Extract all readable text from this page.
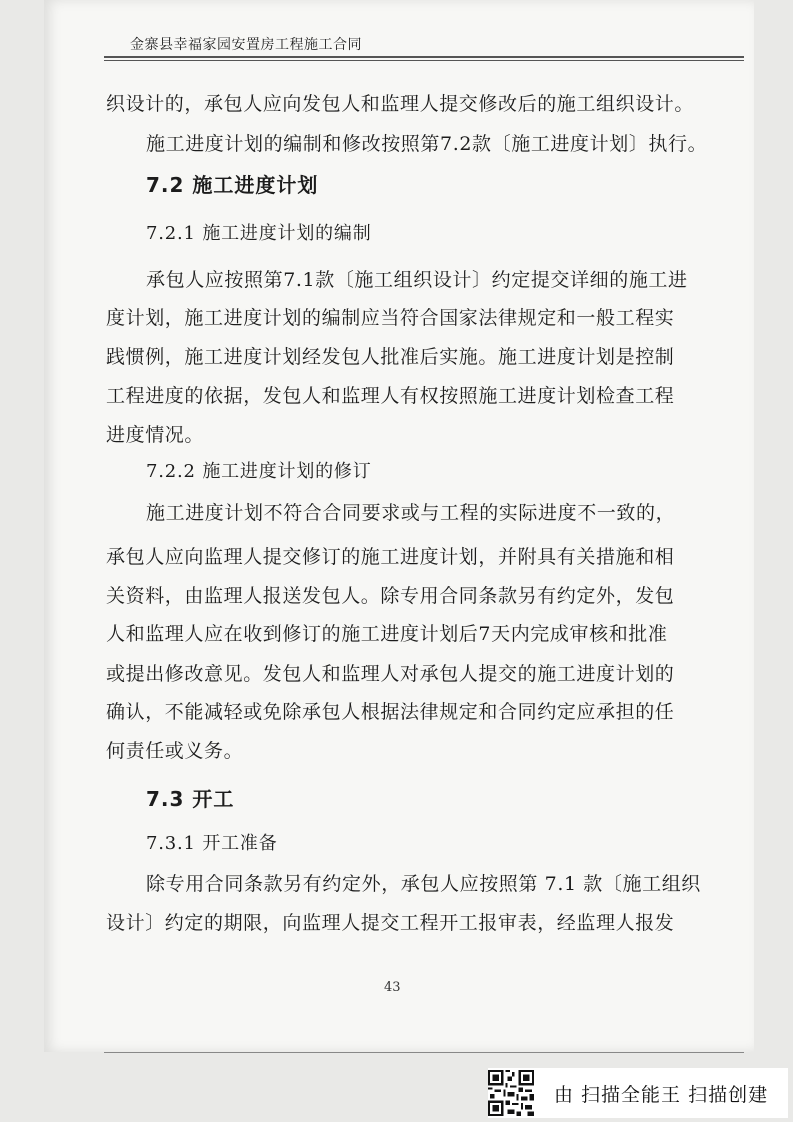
金寨县幸福家园安置房工程施工合同
织设计的，承包人应向发包人和监理人提交修改后的施工组织设计。
施工进度计划的编制和修改按照第7.2款〔施工进度计划〕执行。
7.2 施工进度计划
7.2.1 施工进度计划的编制
承包人应按照第7.1款〔施工组织设计〕约定提交详细的施工进
度计划，施工进度计划的编制应当符合国家法律规定和一般工程实
践惯例，施工进度计划经发包人批准后实施。施工进度计划是控制
工程进度的依据，发包人和监理人有权按照施工进度计划检查工程
进度情况。
7.2.2 施工进度计划的修订
施工进度计划不符合合同要求或与工程的实际进度不一致的，
承包人应向监理人提交修订的施工进度计划，并附具有关措施和相
关资料，由监理人报送发包人。除专用合同条款另有约定外，发包
人和监理人应在收到修订的施工进度计划后7天内完成审核和批准
或提出修改意见。发包人和监理人对承包人提交的施工进度计划的
确认，不能减轻或免除承包人根据法律规定和合同约定应承担的任
何责任或义务。
7.3 开工
7.3.1 开工准备
除专用合同条款另有约定外，承包人应按照第 7.1 款〔施工组织
设计〕约定的期限，向监理人提交工程开工报审表，经监理人报发
43
由 扫描全能王 扫描创建
